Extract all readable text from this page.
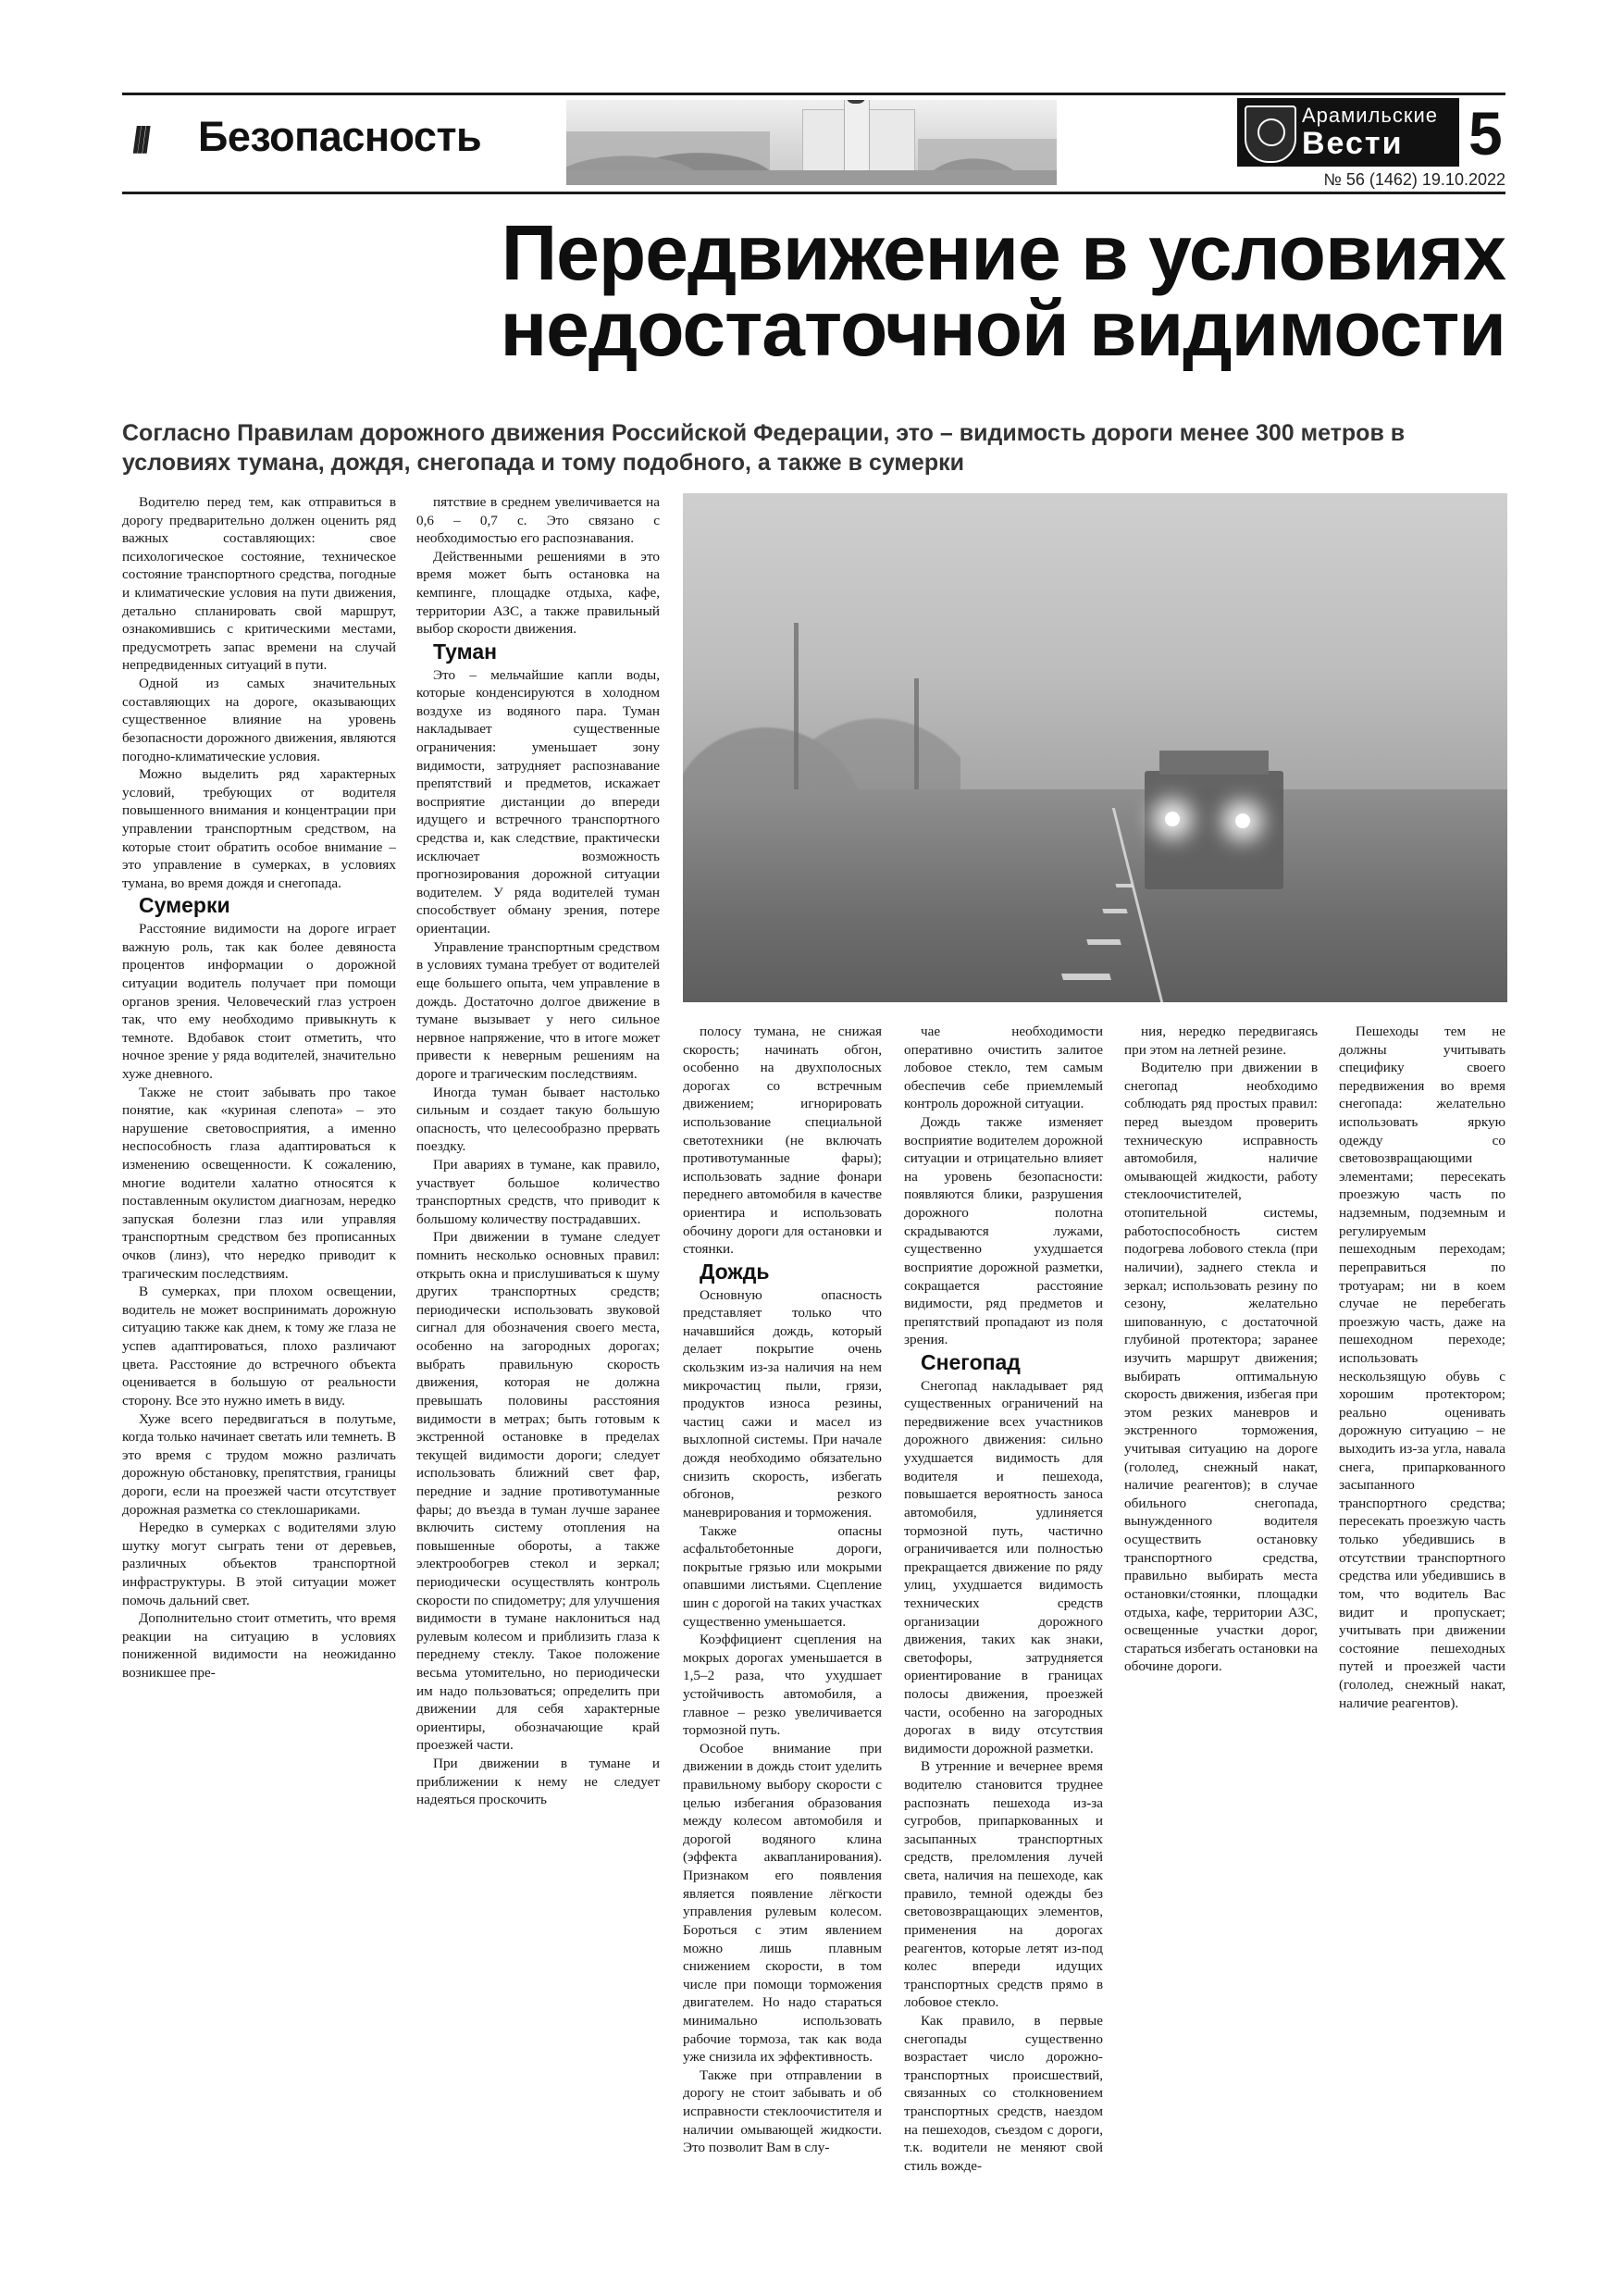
\\\ Безопасность	Арамильские
Вести 5
№ 56 (1462) 19.10.2022
Передвижение в условиях
недостаточной видимости
Согласно Правилам дорожного движения Российской Федерации, это – видимость дороги менее 300 метров в условиях тумана, дождя, снегопада и тому подобного, а также в сумерки

Водителю перед тем, как отправиться в дорогу предварительно должен оценить ряд важных составляющих: свое психологическое состояние, техническое состояние транспортного средства, погодные и климатические условия на пути движения, детально спланировать свой маршрут, ознакомившись с критическими местами, предусмотреть запас времени на случай непредвиденных ситуаций в пути.

Одной из самых значительных составляющих на дороге, оказывающих существенное влияние на уровень безопасности дорожного движения, являются погодно-климатические условия.

Можно выделить ряд характерных условий, требующих от водителя повышенного внимания и концентрации при управлении транспортным средством, на которые стоит обратить особое внимание – это управление в сумерках, в условиях тумана, во время дождя и снегопада.

Сумерки

Расстояние видимости на дороге играет важную роль, так как более девяноста процентов информации о дорожной ситуации водитель получает при помощи органов зрения. Человеческий глаз устроен так, что ему необходимо привыкнуть к темноте. Вдобавок стоит отметить, что ночное зрение у ряда водителей, значительно хуже дневного.

Также не стоит забывать про такое понятие, как «куриная слепота» – это нарушение световосприятия, а именно неспособность глаза адаптироваться к изменению освещенности. К сожалению, многие водители халатно относятся к поставленным окулистом диагнозам, нередко запуская болезни глаз или управляя транспортным средством без прописанных очков (линз), что нередко приводит к трагическим последствиям.

В сумерках, при плохом освещении, водитель не может воспринимать дорожную ситуацию также как днем, к тому же глаза не успев адаптироваться, плохо различают цвета. Расстояние до встречного объекта оценивается в большую от реальности сторону. Все это нужно иметь в виду.

Хуже всего передвигаться в полутьме, когда только начинает светать или темнеть. В это время с трудом можно различать дорожную обстановку, препятствия, границы дороги, если на проезжей части отсутствует дорожная разметка со стеклошариками.

Нередко в сумерках с водителями злую шутку могут сыграть тени от деревьев, различных объектов транспортной инфраструктуры. В этой ситуации может помочь дальний свет.

Дополнительно стоит отметить, что время реакции на ситуацию в условиях пониженной видимости на неожиданно возникшее пре-

пятствие в среднем увеличивается на 0,6 – 0,7 с. Это связано с необходимостью его распознавания.

Действенными решениями в это время может быть остановка на кемпинге, площадке отдыха, кафе, территории АЗС, а также правильный выбор скорости движения.

Туман

Это – мельчайшие капли воды, которые конденсируются в холодном воздухе из водяного пара. Туман накладывает существенные ограничения: уменьшает зону видимости, затрудняет распознавание препятствий и предметов, искажает восприятие дистанции до впереди идущего и встречного транспортного средства и, как следствие, практически исключает возможность прогнозирования дорожной ситуации водителем. У ряда водителей туман способствует обману зрения, потере ориентации.

Управление транспортным средством в условиях тумана требует от водителей еще большего опыта, чем управление в дождь. Достаточно долгое движение в тумане вызывает у него сильное нервное напряжение, что в итоге может привести к неверным решениям на дороге и трагическим последствиям.

Иногда туман бывает настолько сильным и создает такую большую опасность, что целесообразно прервать поездку.

При авариях в тумане, как правило, участвует большое количество транспортных средств, что приводит к большому количеству пострадавших.

При движении в тумане следует помнить несколько основных правил: открыть окна и прислушиваться к шуму других транспортных средств; периодически использовать звуковой сигнал для обозначения своего места, особенно на загородных дорогах; выбрать правильную скорость движения, которая не должна превышать половины расстояния видимости в метрах; быть готовым к экстренной остановке в пределах текущей видимости дороги; следует использовать ближний свет фар, передние и задние противотуманные фары; до въезда в туман лучше заранее включить систему отопления на повышенные обороты, а также электрообогрев стекол и зеркал; периодически осуществлять контроль скорости по спидометру; для улучшения видимости в тумане наклониться над рулевым колесом и приблизить глаза к переднему стеклу. Такое положение весьма утомительно, но периодически им надо пользоваться; определить при движении для себя характерные ориентиры, обозначающие край проезжей части.

При движении в тумане и приближении к нему не следует надеяться проскочить

полосу тумана, не снижая скорость; начинать обгон, особенно на двухполосных дорогах со встречным движением; игнорировать использование специальной светотехники (не включать противотуманные фары); использовать задние фонари переднего автомобиля в качестве ориентира и использовать обочину дороги для остановки и стоянки.

Дождь

Основную опасность представляет только что начавшийся дождь, который делает покрытие очень скользким из-за наличия на нем микрочастиц пыли, грязи, продуктов износа резины, частиц сажи и масел из выхлопной системы. При начале дождя необходимо обязательно снизить скорость, избегать обгонов, резкого маневрирования и торможения.

Также опасны асфальтобетонные дороги, покрытые грязью или мокрыми опавшими листьями. Сцепление шин с дорогой на таких участках существенно уменьшается.

Коэффициент сцепления на мокрых дорогах уменьшается в 1,5–2 раза, что ухудшает устойчивость автомобиля, а главное – резко увеличивается тормозной путь.

Особое внимание при движении в дождь стоит уделить правильному выбору скорости с целью избегания образования между колесом автомобиля и дорогой водяного клина (эффекта аквапланирования). Признаком его появления является появление лёгкости управления рулевым колесом. Бороться с этим явлением можно лишь плавным снижением скорости, в том числе при помощи торможения двигателем. Но надо стараться минимально использовать рабочие тормоза, так как вода уже снизила их эффективность.

Также при отправлении в дорогу не стоит забывать и об исправности стеклоочистителя и наличии омывающей жидкости. Это позволит Вам в слу-

чае необходимости оперативно очистить залитое лобовое стекло, тем самым обеспечив себе приемлемый контроль дорожной ситуации.

Дождь также изменяет восприятие водителем дорожной ситуации и отрицательно влияет на уровень безопасности: появляются блики, разрушения дорожного полотна скрадываются лужами, существенно ухудшается восприятие дорожной разметки, сокращается расстояние видимости, ряд предметов и препятствий пропадают из поля зрения.

Снегопад

Снегопад накладывает ряд существенных ограничений на передвижение всех участников дорожного движения: сильно ухудшается видимость для водителя и пешехода, повышается вероятность заноса автомобиля, удлиняется тормозной путь, частично ограничивается или полностью прекращается движение по ряду улиц, ухудшается видимость технических средств организации дорожного движения, таких как знаки, светофоры, затрудняется ориентирование в границах полосы движения, проезжей части, особенно на загородных дорогах в виду отсутствия видимости дорожной разметки.

В утренние и вечернее время водителю становится труднее распознать пешехода из-за сугробов, припаркованных и засыпанных транспортных средств, преломления лучей света, наличия на пешеходе, как правило, темной одежды без световозвращающих элементов, применения на дорогах реагентов, которые летят из-под колес впереди идущих транспортных средств прямо в лобовое стекло.

Как правило, в первые снегопады существенно возрастает число дорожно-транспортных происшествий, связанных со столкновением транспортных средств, наездом на пешеходов, съездом с дороги, т.к. водители не меняют свой стиль вожде-

ния, нередко передвигаясь при этом на летней резине.

Водителю при движении в снегопад необходимо соблюдать ряд простых правил: перед выездом проверить техническую исправность автомобиля, наличие омывающей жидкости, работу стеклоочистителей, отопительной системы, работоспособность систем подогрева лобового стекла (при наличии), заднего стекла и зеркал; использовать резину по сезону, желательно шипованную, с достаточной глубиной протектора; заранее изучить маршрут движения; выбирать оптимальную скорость движения, избегая при этом резких маневров и экстренного торможения, учитывая ситуацию на дороге (гололед, снежный накат, наличие реагентов); в случае обильного снегопада, вынужденного водителя осуществить остановку транспортного средства, правильно выбирать места остановки/стоянки, площадки отдыха, кафе, территории АЗС, освещенные участки дорог, стараться избегать остановки на обочине дороги.

Пешеходы тем не должны учитывать специфику своего передвижения во время снегопада: желательно использовать яркую одежду со световозвращающими элементами; пересекать проезжую часть по надземным, подземным и регулируемым пешеходным переходам; переправиться по тротуарам; ни в коем случае не перебегать проезжую часть, даже на пешеходном переходе; использовать нескользящую обувь с хорошим протектором; реально оценивать дорожную ситуацию – не выходить из-за угла, навала снега, припаркованного засыпанного транспортного средства; пересекать проезжую часть только убедившись в отсутствии транспортного средства или убедившись в том, что водитель Вас видит и пропускает; учитывать при движении состояние пешеходных путей и проезжей части (гололед, снежный накат, наличие реагентов).
